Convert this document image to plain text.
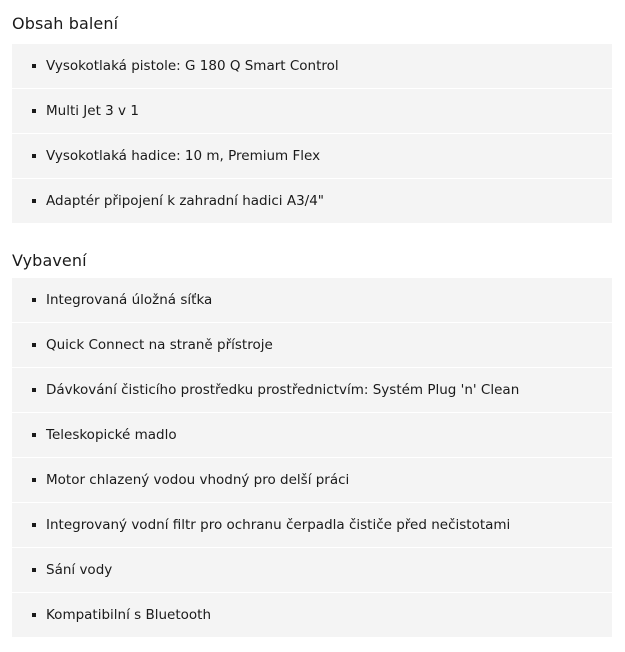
Obsah balení
Vysokotlaká pistole: G 180 Q Smart Control
Multi Jet 3 v 1
Vysokotlaká hadice: 10 m, Premium Flex
Adaptér připojení k zahradní hadici A3/4"
Vybavení
Integrovaná úložná síťka
Quick Connect na straně přístroje
Dávkování čisticího prostředku prostřednictvím: Systém Plug 'n' Clean
Teleskopické madlo
Motor chlazený vodou vhodný pro delší práci
Integrovaný vodní filtr pro ochranu čerpadla čističe před nečistotami
Sání vody
Kompatibilní s Bluetooth
